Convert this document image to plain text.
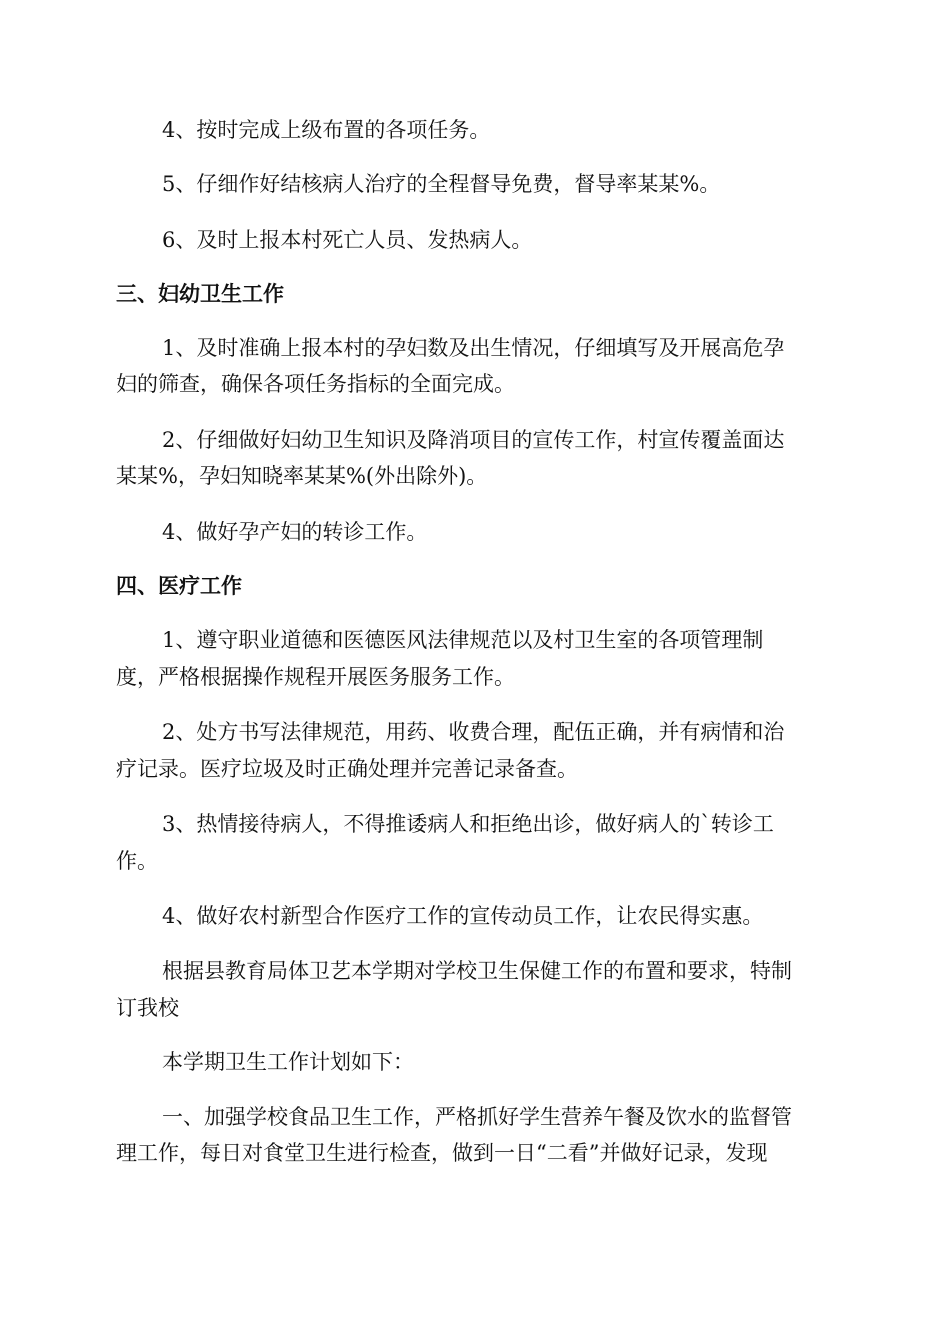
4、按时完成上级布置的各项任务。
5、仔细作好结核病人治疗的全程督导免费，督导率某某%。
6、及时上报本村死亡人员、发热病人。
三、妇幼卫生工作
1、及时准确上报本村的孕妇数及出生情况，仔细填写及开展高危孕
妇的筛查，确保各项任务指标的全面完成。
2、仔细做好妇幼卫生知识及降消项目的宣传工作，村宣传覆盖面达
某某%，孕妇知晓率某某%(外出除外)。
4、做好孕产妇的转诊工作。
四、医疗工作
1、遵守职业道德和医德医风法律规范以及村卫生室的各项管理制
度，严格根据操作规程开展医务服务工作。
2、处方书写法律规范，用药、收费合理，配伍正确，并有病情和治
疗记录。医疗垃圾及时正确处理并完善记录备查。
3、热情接待病人，不得推诿病人和拒绝出诊，做好病人的`转诊工
作。
4、做好农村新型合作医疗工作的宣传动员工作，让农民得实惠。
根据县教育局体卫艺本学期对学校卫生保健工作的布置和要求，特制
订我校
本学期卫生工作计划如下：
一、加强学校食品卫生工作，严格抓好学生营养午餐及饮水的监督管
理工作，每日对食堂卫生进行检查，做到一日“二看”并做好记录，发现
